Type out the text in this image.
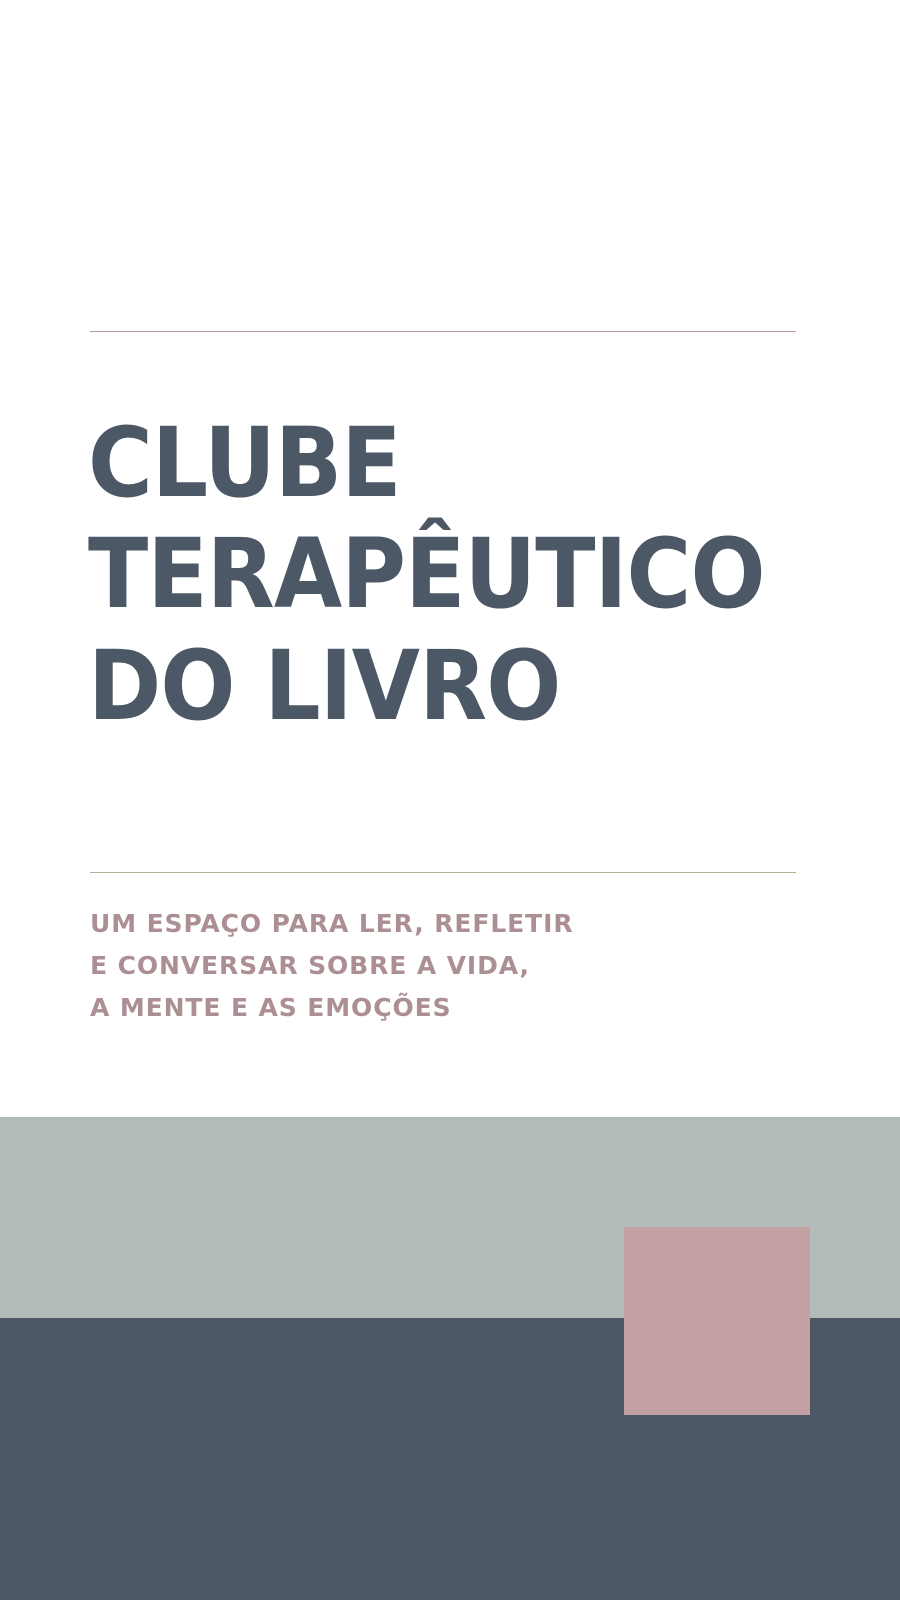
CLUBE
TERAPÊUTICO
DO LIVRO

UM ESPAÇO PARA LER, REFLETIR
E CONVERSAR SOBRE A VIDA,
A MENTE E AS EMOÇÕES
